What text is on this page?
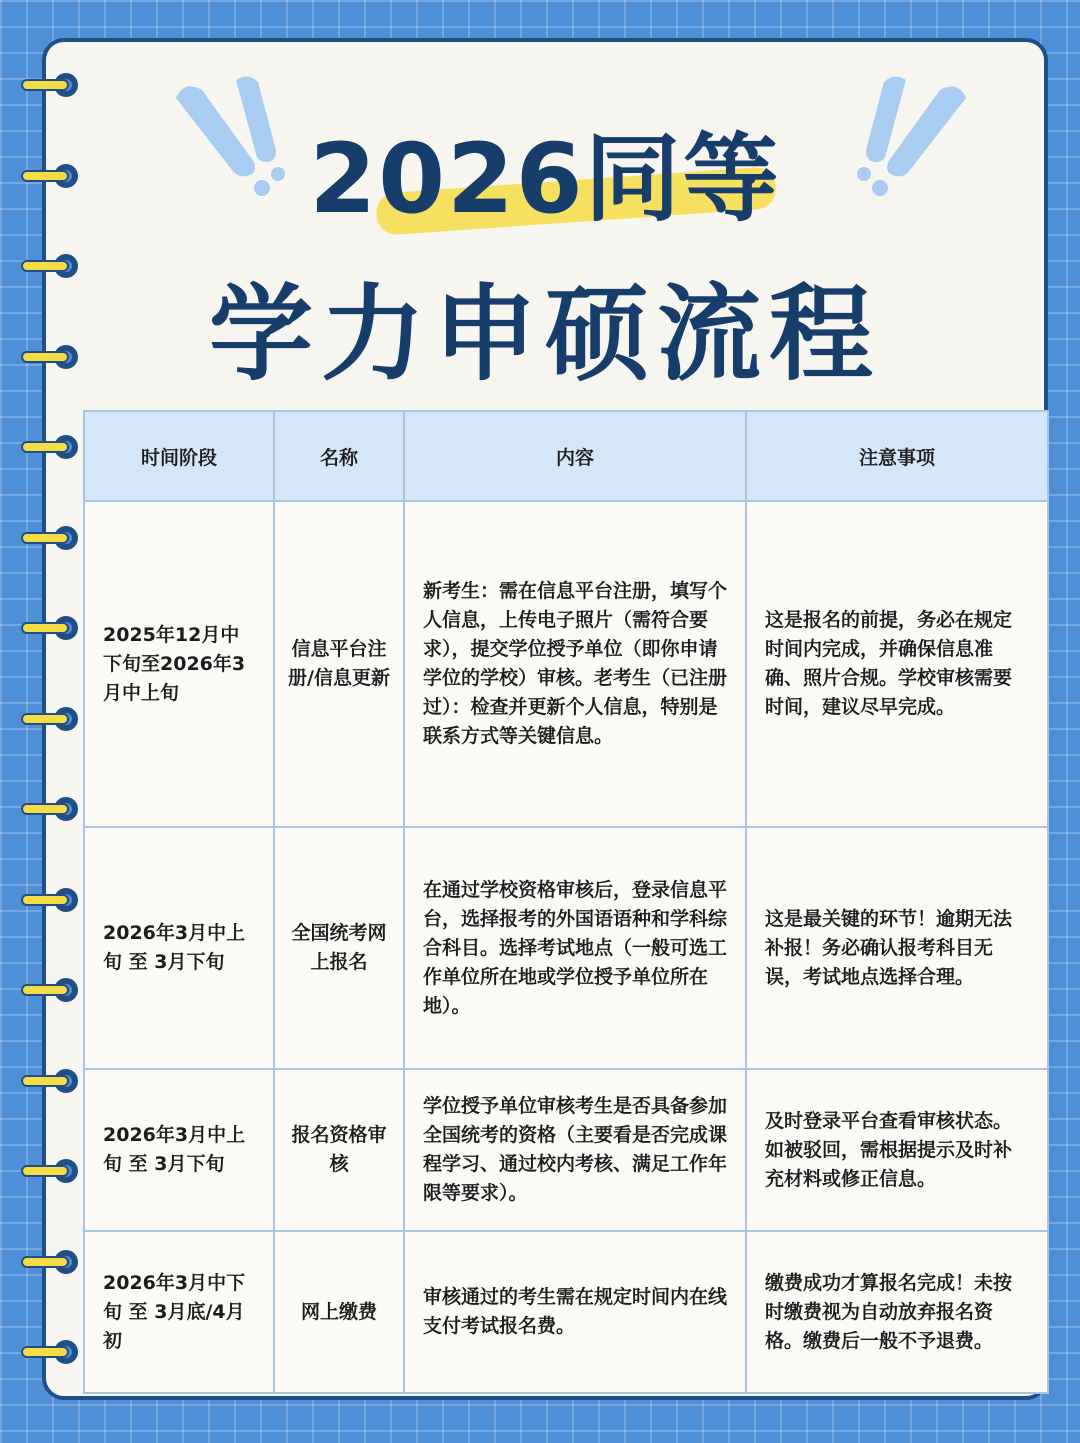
2026同等
学力申硕流程
时间阶段	名称	内容	注意事项
2025年12月中下旬至2026年3月中上旬	信息平台注册/信息更新	新考生：需在信息平台注册，填写个人信息，上传电子照片（需符合要求），提交学位授予单位（即你申请学位的学校）审核。老考生（已注册过）：检查并更新个人信息，特别是联系方式等关键信息。	这是报名的前提，务必在规定时间内完成，并确保信息准确、照片合规。学校审核需要时间，建议尽早完成。
2026年3月中上旬 至 3月下旬	全国统考网上报名	在通过学校资格审核后，登录信息平台，选择报考的外国语语种和学科综合科目。选择考试地点（一般可选工作单位所在地或学位授予单位所在地）。	这是最关键的环节！逾期无法补报！务必确认报考科目无误，考试地点选择合理。
2026年3月中上旬 至 3月下旬	报名资格审核	学位授予单位审核考生是否具备参加全国统考的资格（主要看是否完成课程学习、通过校内考核、满足工作年限等要求）。	及时登录平台查看审核状态。如被驳回，需根据提示及时补充材料或修正信息。
2026年3月中下旬 至 3月底/4月初	网上缴费	审核通过的考生需在规定时间内在线支付考试报名费。	缴费成功才算报名完成！未按时缴费视为自动放弃报名资格。缴费后一般不予退费。
